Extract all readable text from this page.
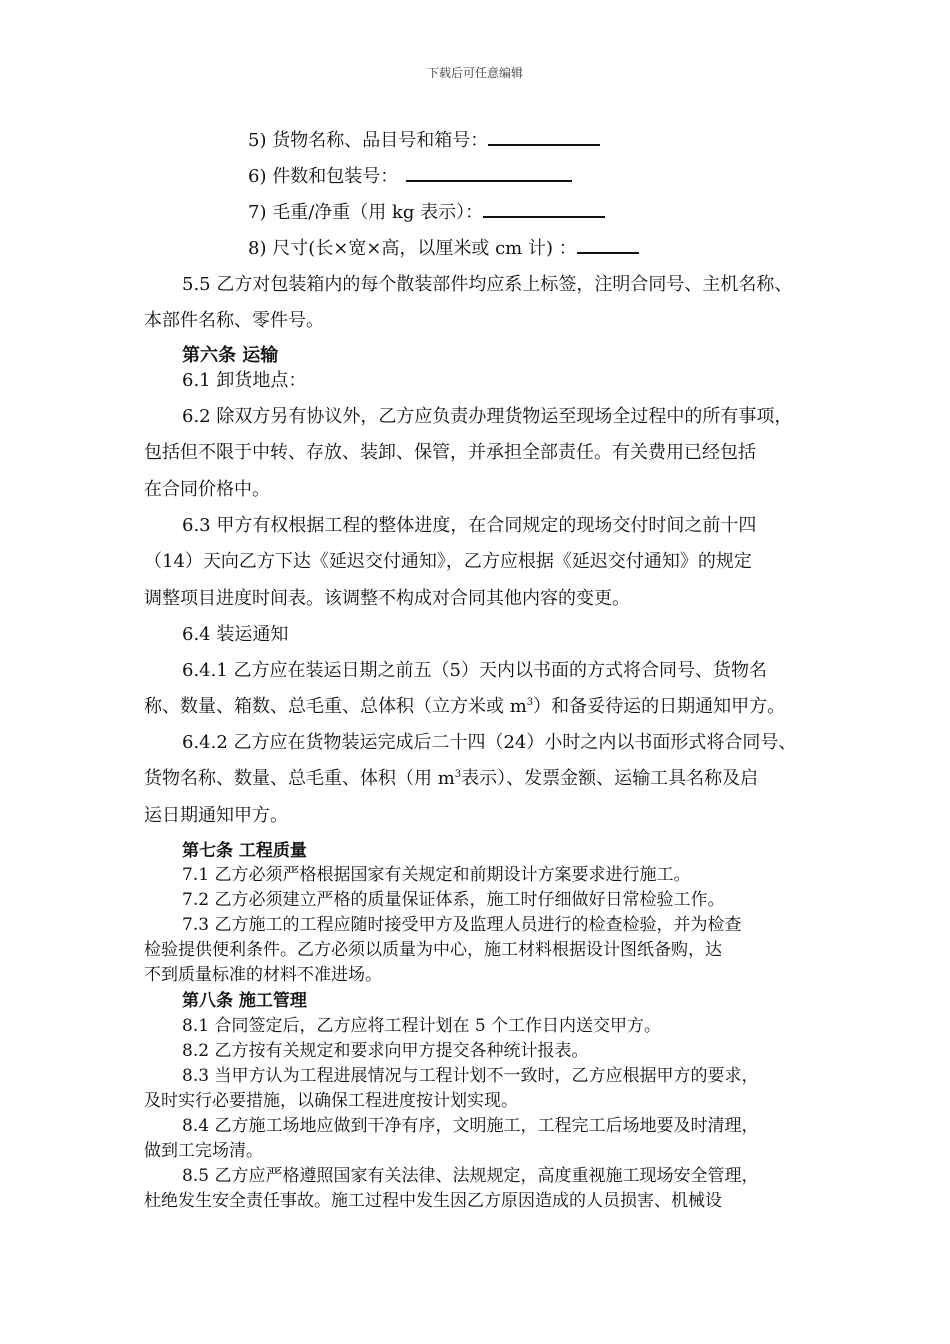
下载后可任意编辑
5) 货物名称、品目号和箱号：
6) 件数和包装号：
7) 毛重/净重（用 kg 表示）：
8) 尺寸(长×宽×高，以厘米或 cm 计) ：
5.5 乙方对包装箱内的每个散装部件均应系上标签，注明合同号、主机名称、
本部件名称、零件号。
第六条 运输
6.1 卸货地点：
6.2 除双方另有协议外，乙方应负责办理货物运至现场全过程中的所有事项，
包括但不限于中转、存放、装卸、保管，并承担全部责任。有关费用已经包括
在合同价格中。
6.3 甲方有权根据工程的整体进度，在合同规定的现场交付时间之前十四
（14）天向乙方下达《延迟交付通知》，乙方应根据《延迟交付通知》的规定
调整项目进度时间表。该调整不构成对合同其他内容的变更。
6.4 装运通知
6.4.1 乙方应在装运日期之前五（5）天内以书面的方式将合同号、货物名
称、数量、箱数、总毛重、总体积（立方米或 $m^3$）和备妥待运的日期通知甲方。
6.4.2 乙方应在货物装运完成后二十四（24）小时之内以书面形式将合同号、
货物名称、数量、总毛重、体积（用 $m^3$表示）、发票金额、运输工具名称及启
运日期通知甲方。
第七条 工程质量
7.1 乙方必须严格根据国家有关规定和前期设计方案要求进行施工。
7.2 乙方必须建立严格的质量保证体系，施工时仔细做好日常检验工作。
7.3 乙方施工的工程应随时接受甲方及监理人员进行的检查检验，并为检查
检验提供便利条件。乙方必须以质量为中心，施工材料根据设计图纸备购，达
不到质量标准的材料不准进场。
第八条 施工管理
8.1 合同签定后，乙方应将工程计划在 5 个工作日内送交甲方。
8.2 乙方按有关规定和要求向甲方提交各种统计报表。
8.3 当甲方认为工程进展情况与工程计划不一致时，乙方应根据甲方的要求，
及时实行必要措施，以确保工程进度按计划实现。
8.4 乙方施工场地应做到干净有序，文明施工，工程完工后场地要及时清理，
做到工完场清。
8.5 乙方应严格遵照国家有关法律、法规规定，高度重视施工现场安全管理，
杜绝发生安全责任事故。施工过程中发生因乙方原因造成的人员损害、机械设
